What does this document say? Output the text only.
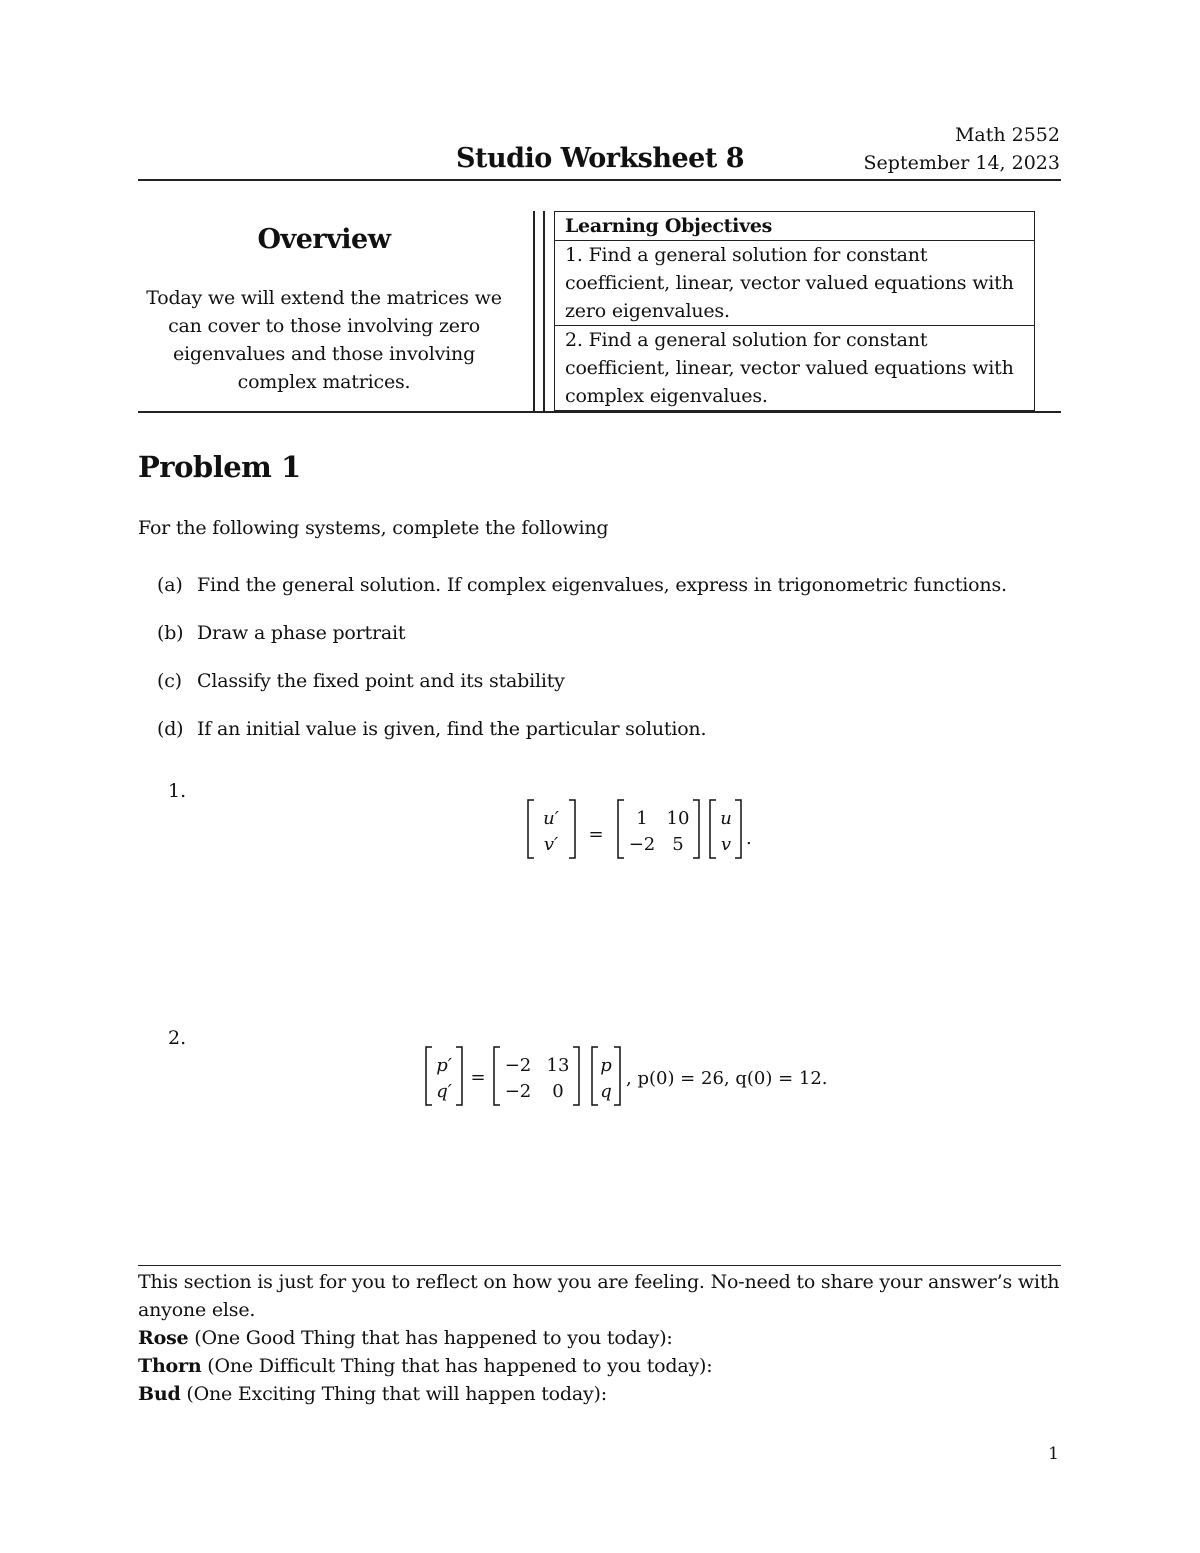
Math 2552
Studio Worksheet 8	September 14, 2023
Overview
Today we will extend the matrices we can cover to those involving zero eigenvalues and those involving complex matrices.
Learning Objectives
1. Find a general solution for constant coefficient, linear, vector valued equations with zero eigenvalues.
2. Find a general solution for constant coefficient, linear, vector valued equations with complex eigenvalues.
Problem 1
For the following systems, complete the following
(a) Find the general solution. If complex eigenvalues, express in trigonometric functions.
(b) Draw a phase portrait
(c) Classify the fixed point and its stability
(d) If an initial value is given, find the particular solution.
1.
u′
v′ =
1 10
−2 5
u
v .
2.
p′
q′
=
−2 13
−2 0
p
q
, p(0) = 26, q(0) = 12.
This section is just for you to reflect on how you are feeling. No-need to share your answer’s with anyone else.
Rose (One Good Thing that has happened to you today):
Thorn (One Difficult Thing that has happened to you today):
Bud (One Exciting Thing that will happen today):
1
